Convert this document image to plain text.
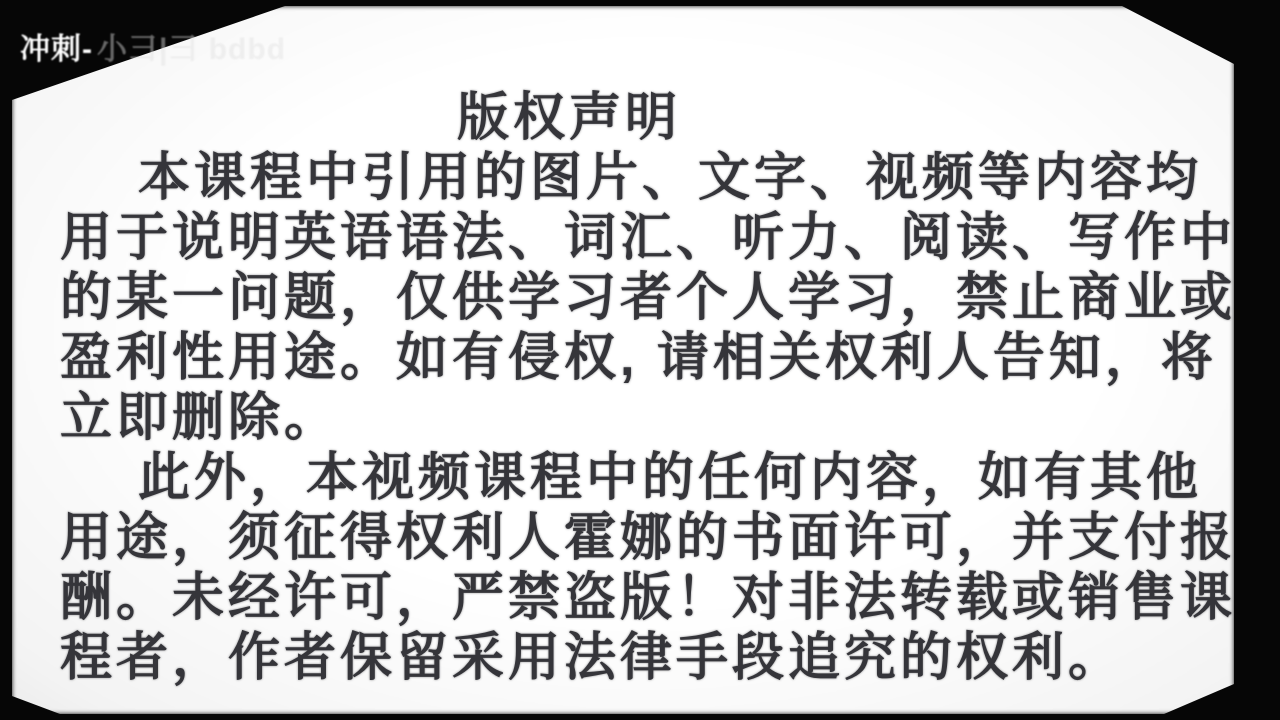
冲刺- 小彐|彐 bdbd
版权声明
本课程中引用的图片、文字、视频等内容均
用于说明英语语法、词汇、听力、阅读、写作中
的某一问题，仅供学习者个人学习，禁止商业或
盈利性用途。如有侵权, 请相关权利人告知，将
立即删除。
此外，本视频课程中的任何内容，如有其他
用途，须征得权利人霍娜的书面许可，并支付报
酬。未经许可，严禁盗版！对非法转载或销售课
程者，作者保留采用法律手段追究的权利。
